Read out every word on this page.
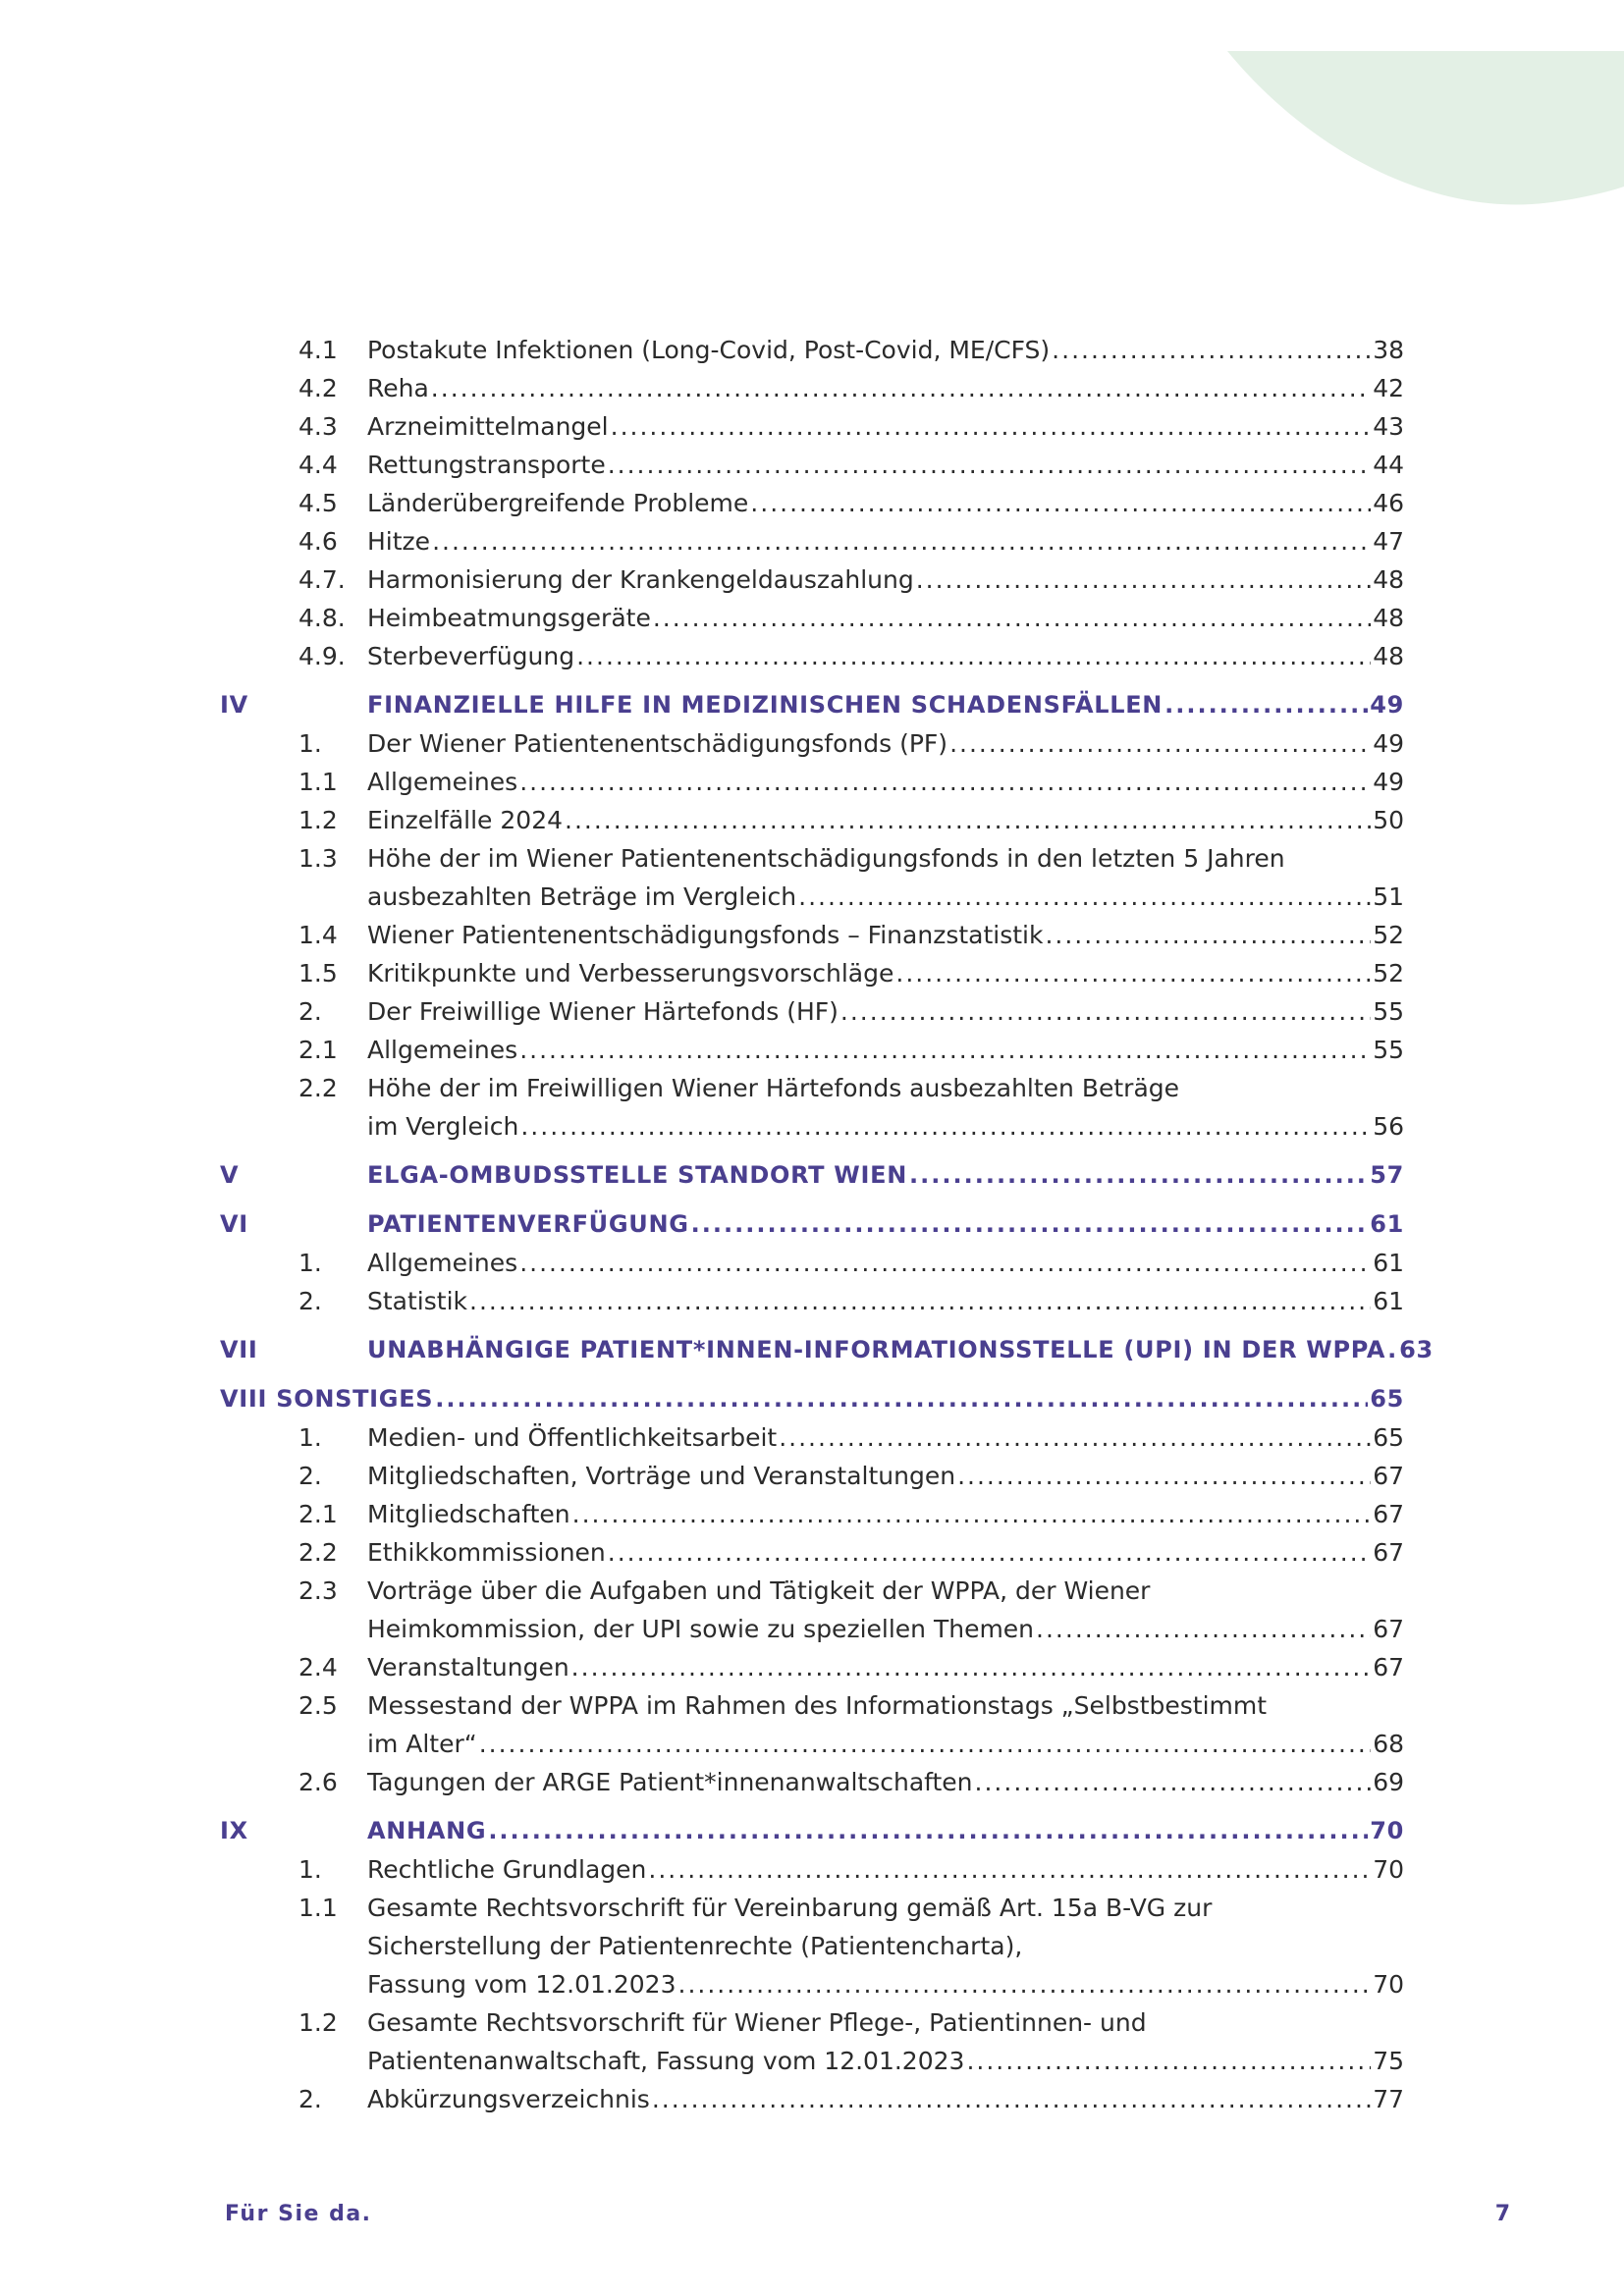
4.1 Postakute Infektionen (Long-Covid, Post-Covid, ME/CFS) .....	38
4.2 Reha .....	42
4.3 Arzneimittelmangel .....	43
4.4 Rettungstransporte .....	44
4.5 Länderübergreifende Probleme .....	46
4.6 Hitze .....	47
4.7. Harmonisierung der Krankengeldauszahlung .....	48
4.8. Heimbeatmungsgeräte .....	48
4.9. Sterbeverfügung .....	48
IV	FINANZIELLE HILFE IN MEDIZINISCHEN SCHADENSFÄLLEN .....	49
1. Der Wiener Patientenentschädigungsfonds (PF) .....	49
1.1 Allgemeines .....	49
1.2 Einzelfälle 2024 .....	50
1.3 Höhe der im Wiener Patientenentschädigungsfonds in den letzten 5 Jahren
ausbezahlten Beträge im Vergleich .....	51
1.4 Wiener Patientenentschädigungsfonds – Finanzstatistik .....	52
1.5 Kritikpunkte und Verbesserungsvorschläge .....	52
2. Der Freiwillige Wiener Härtefonds (HF) .....	55
2.1 Allgemeines .....	55
2.2 Höhe der im Freiwilligen Wiener Härtefonds ausbezahlten Beträge
im Vergleich .....	56
V	ELGA-OMBUDSSTELLE STANDORT WIEN .....	57
VI	PATIENTENVERFÜGUNG .....	61
1. Allgemeines .....	61
2. Statistik .....	61
VII	UNABHÄNGIGE PATIENT*INNEN-INFORMATIONSSTELLE (UPI) IN DER WPPA ..... 63
VIII SONSTIGES .....	65
1. Medien- und Öffentlichkeitsarbeit .....	65
2. Mitgliedschaften, Vorträge und Veranstaltungen .....	67
2.1 Mitgliedschaften .....	67
2.2 Ethikkommissionen .....	67
2.3 Vorträge über die Aufgaben und Tätigkeit der WPPA, der Wiener
Heimkommission, der UPI sowie zu speziellen Themen .....	67
2.4 Veranstaltungen .....	67
2.5 Messestand der WPPA im Rahmen des Informationstags „Selbstbestimmt
im Alter“ .....	68
2.6 Tagungen der ARGE Patient*innenanwaltschaften .....	69
IX	ANHANG .....	70
1. Rechtliche Grundlagen .....	70
1.1 Gesamte Rechtsvorschrift für Vereinbarung gemäß Art. 15a B-VG zur
Sicherstellung der Patientenrechte (Patientencharta),
Fassung vom 12.01.2023 .....	70
1.2 Gesamte Rechtsvorschrift für Wiener Pflege-, Patientinnen- und
Patientenanwaltschaft, Fassung vom 12.01.2023 .....	75
2. Abkürzungsverzeichnis .....	77
Für Sie da.	7
